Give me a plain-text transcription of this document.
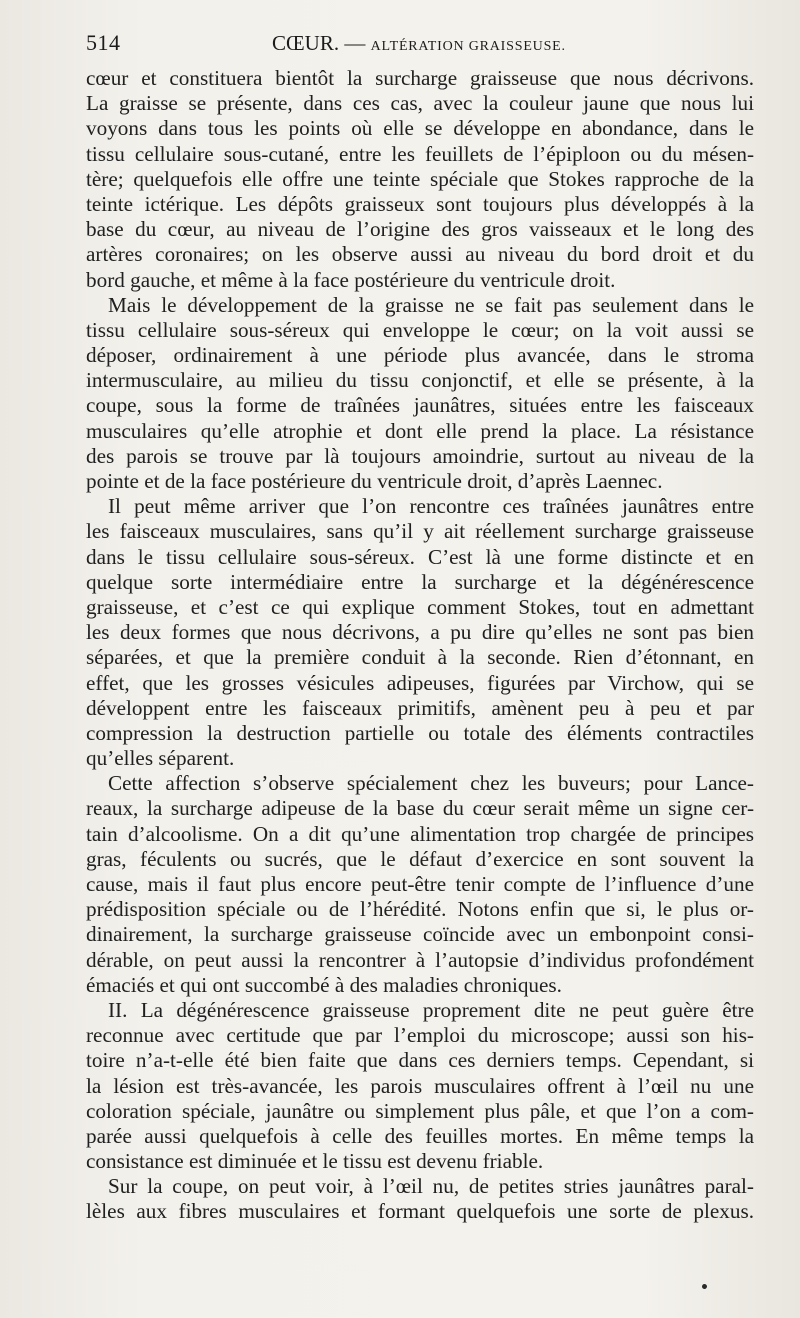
514	CŒUR. — ALTÉRATION GRAISSEUSE.
cœur et constituera bientôt la surcharge graisseuse que nous décrivons.
La graisse se présente, dans ces cas, avec la couleur jaune que nous lui
voyons dans tous les points où elle se développe en abondance, dans le
tissu cellulaire sous-cutané, entre les feuillets de l’épiploon ou du mésen-
tère; quelquefois elle offre une teinte spéciale que Stokes rapproche de la
teinte ictérique. Les dépôts graisseux sont toujours plus développés à la
base du cœur, au niveau de l’origine des gros vaisseaux et le long des
artères coronaires; on les observe aussi au niveau du bord droit et du
bord gauche, et même à la face postérieure du ventricule droit.
Mais le développement de la graisse ne se fait pas seulement dans le
tissu cellulaire sous-séreux qui enveloppe le cœur; on la voit aussi se
déposer, ordinairement à une période plus avancée, dans le stroma
intermusculaire, au milieu du tissu conjonctif, et elle se présente, à la
coupe, sous la forme de traînées jaunâtres, situées entre les faisceaux
musculaires qu’elle atrophie et dont elle prend la place. La résistance
des parois se trouve par là toujours amoindrie, surtout au niveau de la
pointe et de la face postérieure du ventricule droit, d’après Laennec.
Il peut même arriver que l’on rencontre ces traînées jaunâtres entre
les faisceaux musculaires, sans qu’il y ait réellement surcharge graisseuse
dans le tissu cellulaire sous-séreux. C’est là une forme distincte et en
quelque sorte intermédiaire entre la surcharge et la dégénérescence
graisseuse, et c’est ce qui explique comment Stokes, tout en admettant
les deux formes que nous décrivons, a pu dire qu’elles ne sont pas bien
séparées, et que la première conduit à la seconde. Rien d’étonnant, en
effet, que les grosses vésicules adipeuses, figurées par Virchow, qui se
développent entre les faisceaux primitifs, amènent peu à peu et par
compression la destruction partielle ou totale des éléments contractiles
qu’elles séparent.
Cette affection s’observe spécialement chez les buveurs; pour Lance-
reaux, la surcharge adipeuse de la base du cœur serait même un signe cer-
tain d’alcoolisme. On a dit qu’une alimentation trop chargée de principes
gras, féculents ou sucrés, que le défaut d’exercice en sont souvent la
cause, mais il faut plus encore peut-être tenir compte de l’influence d’une
prédisposition spéciale ou de l’hérédité. Notons enfin que si, le plus or-
dinairement, la surcharge graisseuse coïncide avec un embonpoint consi-
dérable, on peut aussi la rencontrer à l’autopsie d’individus profondément
émaciés et qui ont succombé à des maladies chroniques.
II. La dégénérescence graisseuse proprement dite ne peut guère être
reconnue avec certitude que par l’emploi du microscope; aussi son his-
toire n’a-t-elle été bien faite que dans ces derniers temps. Cependant, si
la lésion est très-avancée, les parois musculaires offrent à l’œil nu une
coloration spéciale, jaunâtre ou simplement plus pâle, et que l’on a com-
parée aussi quelquefois à celle des feuilles mortes. En même temps la
consistance est diminuée et le tissu est devenu friable.
Sur la coupe, on peut voir, à l’œil nu, de petites stries jaunâtres paral-
lèles aux fibres musculaires et formant quelquefois une sorte de plexus.
